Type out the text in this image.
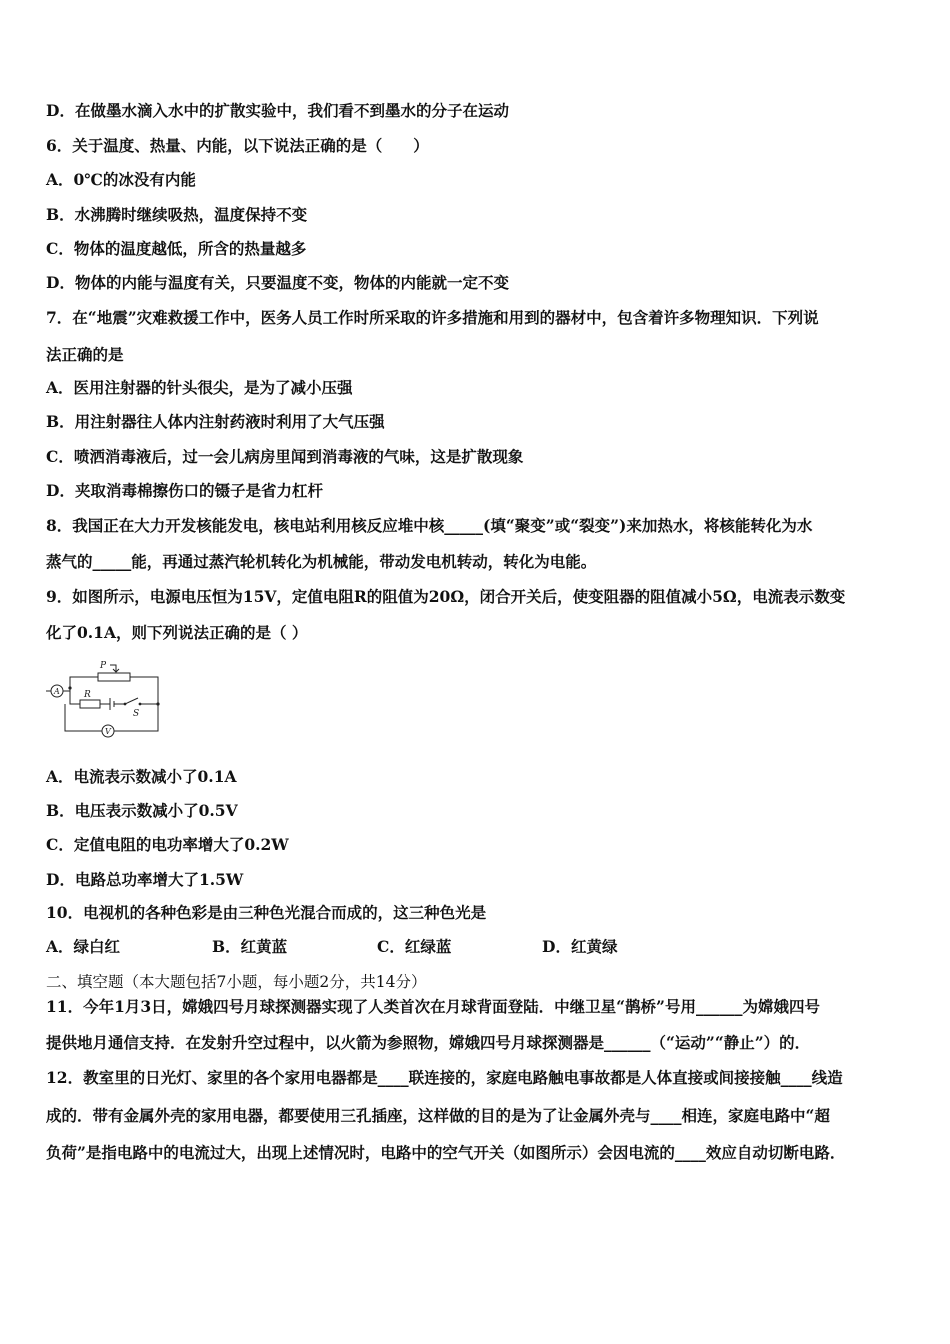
D．在做墨水滴入水中的扩散实验中，我们看不到墨水的分子在运动
6．关于温度、热量、内能，以下说法正确的是（　　）
A．0℃的冰没有内能
B．水沸腾时继续吸热，温度保持不变
C．物体的温度越低，所含的热量越多
D．物体的内能与温度有关，只要温度不变，物体的内能就一定不变
7．在“地震”灾难救援工作中，医务人员工作时所采取的许多措施和用到的器材中，包含着许多物理知识．下列说
法正确的是
A．医用注射器的针头很尖，是为了减小压强
B．用注射器往人体内注射药液时利用了大气压强
C．喷洒消毒液后，过一会儿病房里闻到消毒液的气味，这是扩散现象
D．夹取消毒棉擦伤口的镊子是省力杠杆
8．我国正在大力开发核能发电，核电站利用核反应堆中核_____(填“聚变”或“裂变”)来加热水，将核能转化为水
蒸气的_____能，再通过蒸汽轮机转化为机械能，带动发电机转动，转化为电能。
9．如图所示，电源电压恒为15V，定值电阻R的阻值为20Ω，闭合开关后，使变阻器的阻值减小5Ω，电流表示数变
化了0.1A，则下列说法正确的是（ ）
P
R
S
A
V
A．电流表示数减小了0.1A
B．电压表示数减小了0.5V
C．定值电阻的电功率增大了0.2W
D．电路总功率增大了1.5W
10．电视机的各种色彩是由三种色光混合而成的，这三种色光是
A．绿白红	B．红黄蓝	C．红绿蓝	D．红黄绿
二、填空题（本大题包括7小题，每小题2分，共14分）
11．今年1月3日，嫦娥四号月球探测器实现了人类首次在月球背面登陆．中继卫星“鹊桥”号用______为嫦娥四号
提供地月通信支持．在发射升空过程中，以火箭为参照物，嫦娥四号月球探测器是______（“运动”“静止”）的．
12．教室里的日光灯、家里的各个家用电器都是____联连接的，家庭电路触电事故都是人体直接或间接接触____线造
成的．带有金属外壳的家用电器，都要使用三孔插座，这样做的目的是为了让金属外壳与____相连，家庭电路中“超
负荷”是指电路中的电流过大，出现上述情况时，电路中的空气开关（如图所示）会因电流的____效应自动切断电路．
